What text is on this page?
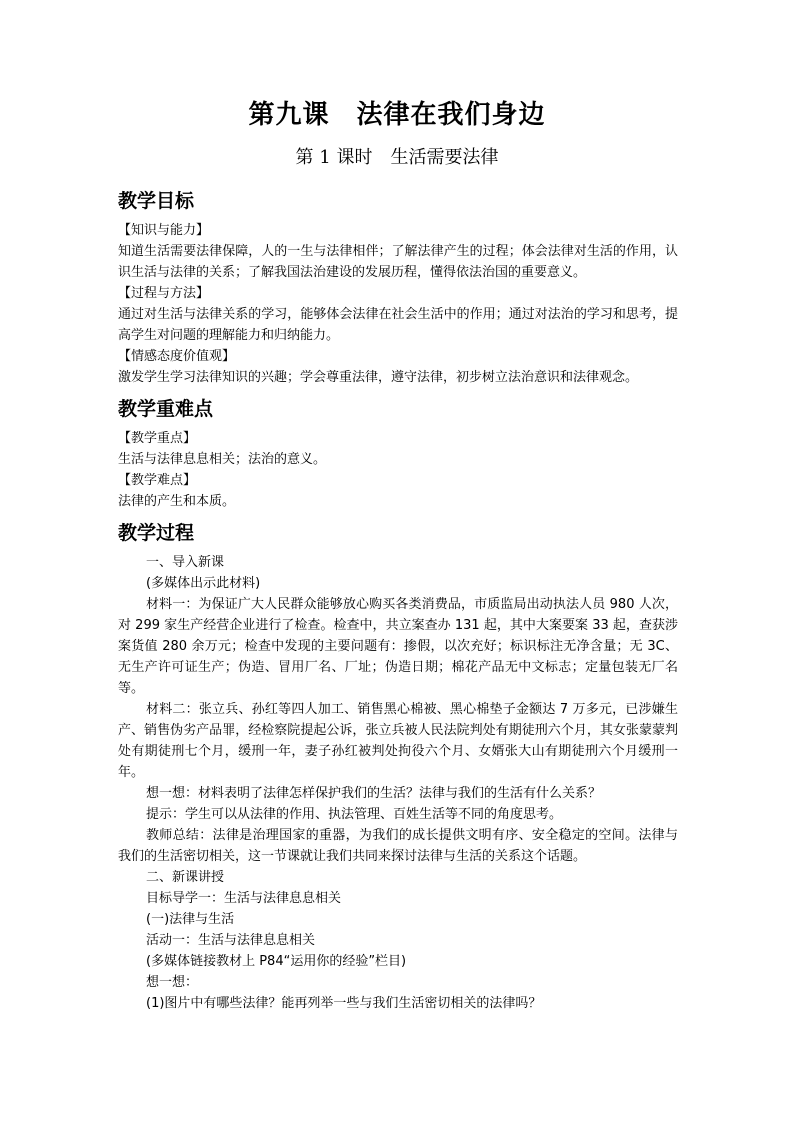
第九课　法律在我们身边
第 1 课时　生活需要法律
教学目标
【知识与能力】
知道生活需要法律保障，人的一生与法律相伴；了解法律产生的过程；体会法律对生活的作用，认识生活与法律的关系；了解我国法治建设的发展历程，懂得依法治国的重要意义。
【过程与方法】
通过对生活与法律关系的学习，能够体会法律在社会生活中的作用；通过对法治的学习和思考，提高学生对问题的理解能力和归纳能力。
【情感态度价值观】
激发学生学习法律知识的兴趣；学会尊重法律，遵守法律，初步树立法治意识和法律观念。
教学重难点
【教学重点】
生活与法律息息相关；法治的意义。
【教学难点】
法律的产生和本质。
教学过程
一、导入新课
(多媒体出示此材料)
材料一：为保证广大人民群众能够放心购买各类消费品，市质监局出动执法人员 980 人次，对 299 家生产经营企业进行了检查。检查中，共立案查办 131 起，其中大案要案 33 起，查获涉案货值 280 余万元；检查中发现的主要问题有：掺假，以次充好；标识标注无净含量；无 3C、无生产许可证生产；伪造、冒用厂名、厂址；伪造日期；棉花产品无中文标志；定量包装无厂名等。
材料二：张立兵、孙红等四人加工、销售黑心棉被、黑心棉垫子金额达 7 万多元，已涉嫌生产、销售伪劣产品罪，经检察院提起公诉，张立兵被人民法院判处有期徒刑六个月，其女张蒙蒙判处有期徒刑七个月，缓刑一年，妻子孙红被判处拘役六个月、女婿张大山有期徒刑六个月缓刑一年。
想一想：材料表明了法律怎样保护我们的生活？法律与我们的生活有什么关系？
提示：学生可以从法律的作用、执法管理、百姓生活等不同的角度思考。
教师总结：法律是治理国家的重器，为我们的成长提供文明有序、安全稳定的空间。法律与我们的生活密切相关，这一节课就让我们共同来探讨法律与生活的关系这个话题。
二、新课讲授
目标导学一：生活与法律息息相关
(一)法律与生活
活动一：生活与法律息息相关
(多媒体链接教材上 P84“运用你的经验”栏目)
想一想：
(1)图片中有哪些法律？能再列举一些与我们生活密切相关的法律吗？
